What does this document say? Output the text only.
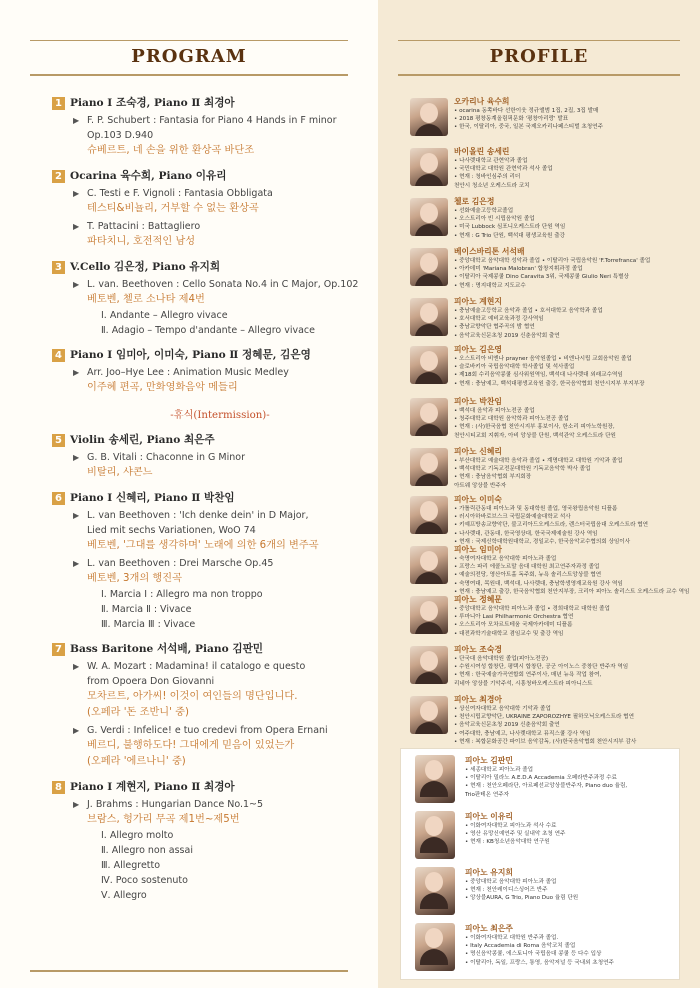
PROGRAM
1 Piano Ⅰ 조숙경, Piano Ⅱ 최경아
▶ F. P. Schubert : Fantasia for Piano 4 Hands in F minor
Op.103 D.940
슈베르트, 네 손을 위한 환상곡 바단조
2 Ocarina 육수희, Piano 이유리
▶ C. Testi e F. Vignoli : Fantasia Obbligata
테스티&비뇰리, 거부할 수 없는 환상곡
▶ T. Pattacini : Battagliero
파타치니, 호전적인 남성
3 V.Cello 김은정, Piano 유지희
▶ L. van. Beethoven : Cello Sonata No.4 in C Major, Op.102
베토벤, 첼로 소나타 제4번
Ⅰ. Andante – Allegro vivace
Ⅱ. Adagio – Tempo d'andante – Allegro vivace
4 Piano Ⅰ 임미아, 이미숙, Piano Ⅱ 정혜문, 김은영
▶ Arr. Joo–Hye Lee : Animation Music Medley
이주혜 편곡, 만화영화음악 메들리
-휴식(Intermission)-
5 Violin 송세린, Piano 최은주
▶ G. B. Vitali : Chaconne in G Minor
비탈리, 샤콘느
6 Piano Ⅰ 신혜리, Piano Ⅱ 박찬임
▶ L. van Beethoven : 'Ich denke dein' in D Major,
Lied mit sechs Variationen, WoO 74
베토벤, '그대를 생각하며' 노래에 의한 6개의 변주곡
▶ L. van Beethoven : Drei Marsche Op.45
베토벤, 3개의 행진곡
Ⅰ. Marcia Ⅰ : Allegro ma non troppo
Ⅱ. Marcia Ⅱ : Vivace
Ⅲ. Marcia Ⅲ : Vivace
7 Bass Baritone 서석배, Piano 김판민
▶ W. A. Mozart : Madamina! il catalogo e questo
from Opoera Don Giovanni
모차르트, 아가씨! 이것이 여인들의 명단입니다.
(오페라 '돈 조반니' 중)
▶ G. Verdi : Infelice! e tuo credevi from Opera Ernani
베르디, 불행하도다! 그대에게 믿음이 있었는가
(오페라 '에르나니' 중)
8 Piano Ⅰ 계현지, Piano Ⅱ 최경아
▶ J. Brahms : Hungarian Dance No.1~5
브람스, 헝가리 무곡 제1번~제5번
Ⅰ. Allegro molto
Ⅱ. Allegro non assai
Ⅲ. Allegretto
Ⅳ. Poco sostenuto
Ⅴ. Allegro
PROFILE
오카리나 육수희
• ocarina 동쪽바다 선한이웃 정규앨범 1집, 2집, 3집 발매
• 2018 평창동계올림픽문화 '평창아리랑' 발표
• 한국, 이탈리아, 중국, 일본 국제오카리나페스티벌 초청연주
바이올린 송세린
• 나사렛대학교 관현악과 졸업
• 국민대학교 대학원 관현악과 석사 졸업
• 현재 : 청바인심주의 리더
천안시 청소년 오케스트라 코치
첼로 김은정
• 선화예술고등학교졸업
• 오스트리아 빈 시립음악원 졸업
• 미국 Lubbock 심포니오케스트라 단원 역임
• 현재 : G Trio 단원, 백석대 평생교육원 출강
베이스바리톤 서석배
• 중앙대학교 음악대학 성악과 졸업 • 이탈리아 국립음악원 'F.Torrefranca' 졸업
• 아카데미 'Mariana Malobran' 합창지휘과정 졸업
• 이탈리아 국제콩쿨 Dino Caravita 3위, 국제콩쿨 Giulio Neri 특별상
• 현재 : 명지대학교 지도교수
피아노 계현지
• 충남예술고등학교 음악과 졸업 • 호서대학교 음악학과 졸업
• 호서대학교 예비교육과정 강사역임
• 충남교향악단 협주곡의 밤 협연
• 음악교육신문초청 2019 신춘음악회 출연
피아노 김은영
• 오스트리아 비엔나 prayner 음악원졸업 • 비엔나시립 교회음악원 졸업
• 슬로바키아 국립음악대학 학사졸업 및 석사졸업
• 제18회 수리음악콩쿨 심사위원역임, 백석대 나사렛대 외래교수역임
• 현재 : 충남예고, 백석대평생교육원 출강, 한국음악협회 천안시지부 부지부장
피아노 박찬임
• 백석대 음악과 피아노전공 졸업
• 청주대학교 대학원 음악학과 피아노전공 졸업
• 현재 : (사)한국음협 천안시지부 홍보이사, 한소리 피아노학원장,
천안시티교회 지휘자, 아비 앙상블 단원, 백석관악 오케스트라 단원
피아노 신혜리
• 부산대학교 예술대학 음악과 졸업 • 계명대학교 대학원 기악과 졸업
• 백석대학교 기독교전문대학원 기독교음악학 박사 졸업
• 현재 : 충남음악협회 부지회장
아트웨 앙상블 반주자
피아노 이미숙
• 가톨릭관동대 피아노과 및 동대학원 졸업, 영국왕립음악원 디플롬
• 러시아하바로브스크 국립문화예술대학교 석사
• 키예프방송교향악단, 불고리아드오케스트라, 렌스터국립음대 오케스트라 협연
• 나사렛대, 관동대, 한국영상대, 한국국제예술원 강사 역임
• 현재 : 국제신학대학원대학교, 경일교수, 한국음악교수협의회 상임이사
피아노 임미아
• 숙명여자대학교 음악대학 피아노과 졸업
• 프랑스 파리 에콜노르말 음대 대학원 최고연주자과정 졸업
• 예술의전당, 영산아트홀 독주회, 뉴욕 솔리스트앙상블 협연
• 숙명여대, 목원대, 백석대, 나사렛대, 충남학생영재교육원 강사 역임
• 현재 : 충남예고 출강, 한국음악협회 천안지부장, 크리아 피아노 솔리스트 오케스트라 교수 역임
피아노 정혜문
• 중앙대학교 음악대학 피아노과 졸업 • 경희대학교 대학원 졸업
• 루마니아 Lasi Philharmonic Orchestra 협연
• 오스트리아 모차르트테움 국제아카데미 디플롬
• 대전과학기술대학교 겸임교수 및 출강 역임
피아노 조숙경
• 단국대 음악대학원 졸업(피아노전공)
• 수원시여성 합창단, 평택시 합창단, 공군 아이노스 중창단 반주자 역임
• 현재 : 한국예술가곡연합회 연주이사, 매년 뉴욕 작업 참여,
리네아 앙상블 기악주석, 시흥청바오케스트라 피아니스트
피아노 최경아
• 상신여자대학교 음악대학 기악과 졸업
• 천안시립교향악단, UKRAINE ZAPOROZHYE 필하모닉오케스트라 협연
• 음악교육신문초청 2019 신춘음악회 출연
• 여주대학, 충남예고, 나사렛대학교 뮤직스쿨 강사 역임
• 현재 : 복합문화공간 파이브 음악감독, (사)한국음악협회 천안시지부 감사
피아노 김판민
• 세종대학교 피아노과 졸업
• 이탈리아 밀라노 A.E.D.A Accademia 오페라반주과정 수료
• 현재 : 천안오페라단, 아르페선교앙상블반주자, Piano duo 율림,
Trio판테온 연주자
피아노 이유리
• 이화여자대학교 피아노과 석사 수료
• 영산 유망신예연주 및 실내악 초청 연주
• 현재 : KB청소년음악대학 연구원
피아노 유지희
• 중앙대학교 음악대학 피아노과 졸업
• 현재 : 천안레이디스싱어즈 반주
• 앙상블AURA, G Trio, Piano Duo 율림 단원
피아노 최은주
• 이화여자대학교 대학원 반주과 졸업.
• Italy Accademia di Roma 음악코치 졸업
• 명신음악콩쿨, 에스토니아 국립음대 콩쿨 등 다수 입상
• 이탈리아, 독일, 프랑스, 통영, 음악저널 등 국내외 초청연주
